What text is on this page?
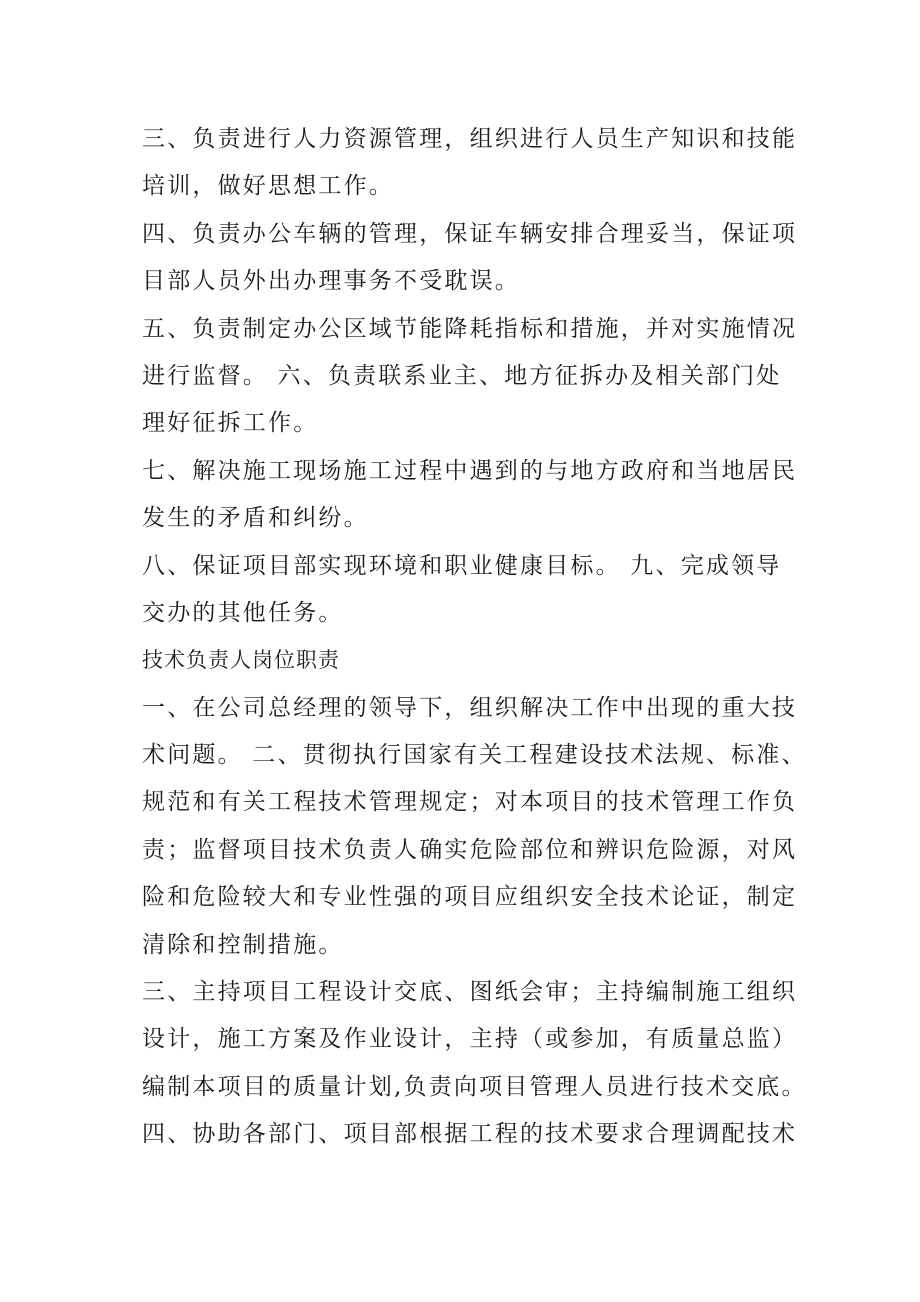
三、负责进行人力资源管理，组织进行人员生产知识和技能
培训，做好思想工作。
四、负责办公车辆的管理，保证车辆安排合理妥当，保证项
目部人员外出办理事务不受耽误。
五、负责制定办公区域节能降耗指标和措施，并对实施情况
进行监督。 六、负责联系业主、地方征拆办及相关部门处
理好征拆工作。
七、解决施工现场施工过程中遇到的与地方政府和当地居民
发生的矛盾和纠纷。
八、保证项目部实现环境和职业健康目标。 九、完成领导
交办的其他任务。
技术负责人岗位职责
一、在公司总经理的领导下，组织解决工作中出现的重大技
术问题。 二、贯彻执行国家有关工程建设技术法规、标准、
规范和有关工程技术管理规定；对本项目的技术管理工作负
责；监督项目技术负责人确实危险部位和辨识危险源，对风
险和危险较大和专业性强的项目应组织安全技术论证，制定
清除和控制措施。
三、主持项目工程设计交底、图纸会审；主持编制施工组织
设计，施工方案及作业设计，主持（或参加，有质量总监）
编制本项目的质量计划,负责向项目管理人员进行技术交底。
四、协助各部门、项目部根据工程的技术要求合理调配技术
